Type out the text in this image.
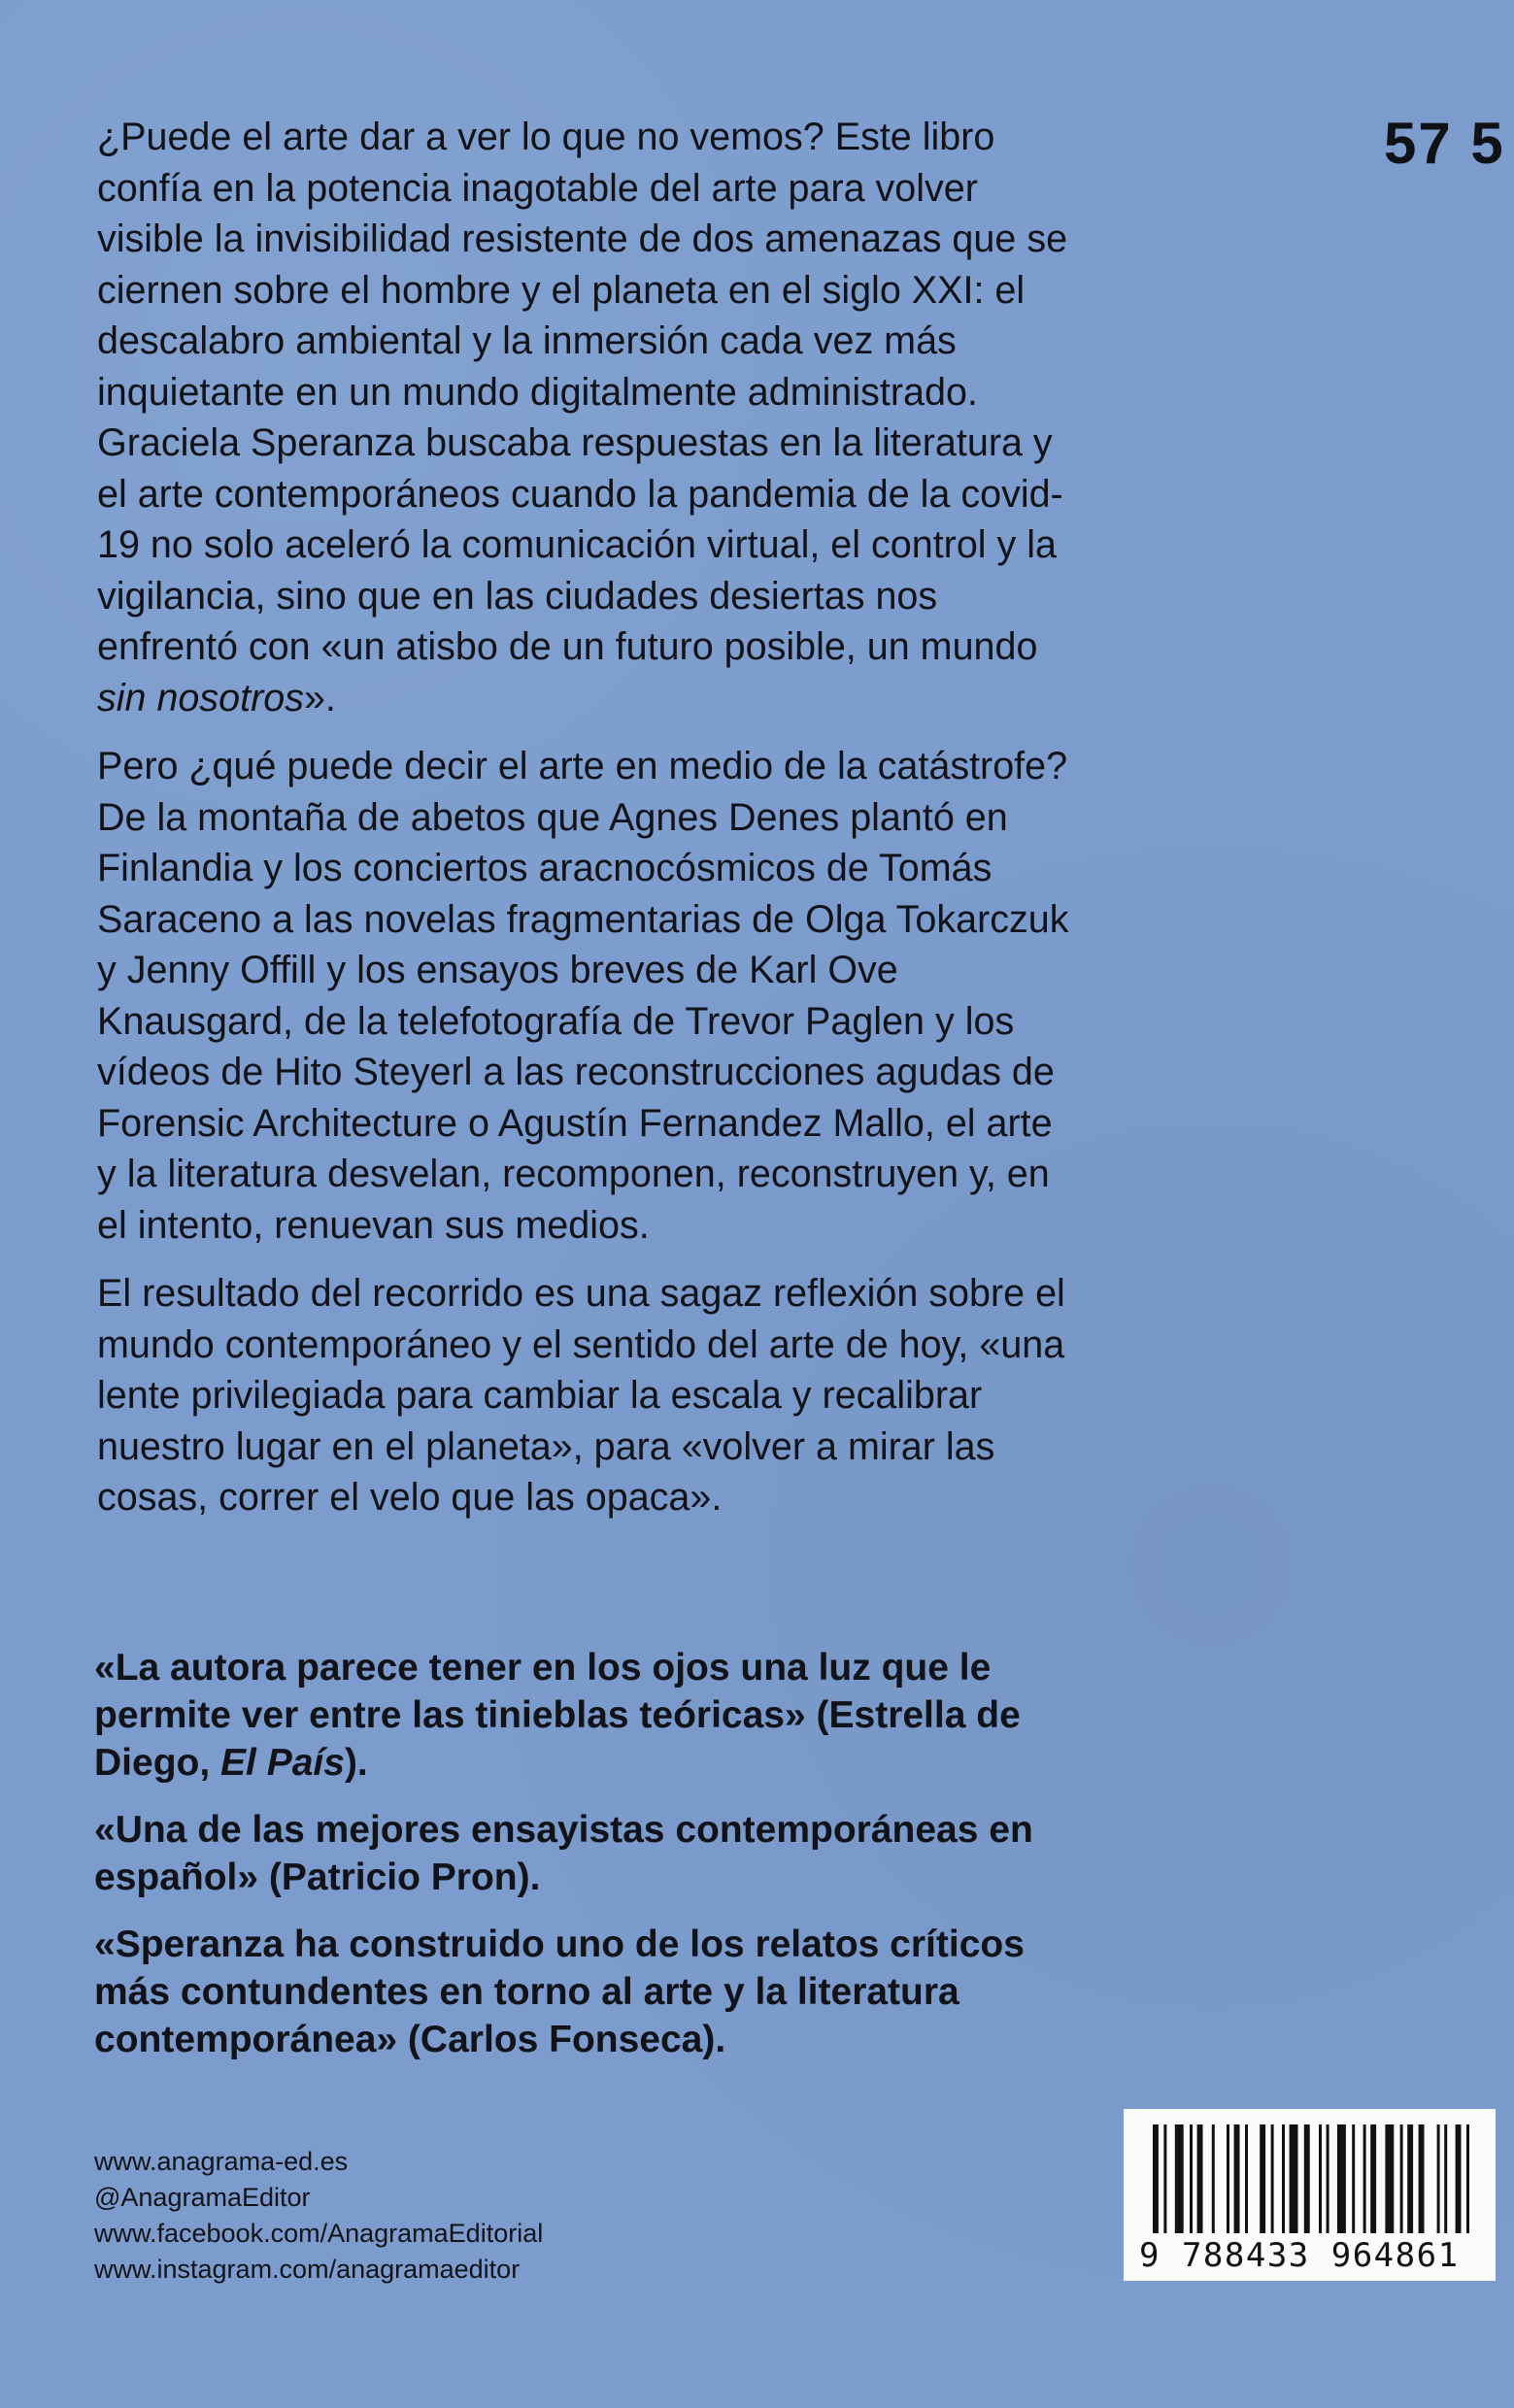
57 5

¿Puede el arte dar a ver lo que no vemos? Este libro confía en la potencia inagotable del arte para volver visible la invisibilidad resistente de dos amenazas que se ciernen sobre el hombre y el planeta en el siglo XXI: el descalabro ambiental y la inmersión cada vez más inquietante en un mundo digitalmente administrado. Graciela Speranza buscaba respuestas en la literatura y el arte contemporáneos cuando la pandemia de la covid-19 no solo aceleró la comunicación virtual, el control y la vigilancia, sino que en las ciudades desiertas nos enfrentó con «un atisbo de un futuro posible, un mundo sin nosotros».

Pero ¿qué puede decir el arte en medio de la catástrofe? De la montaña de abetos que Agnes Denes plantó en Finlandia y los conciertos aracnocósmicos de Tomás Saraceno a las novelas fragmentarias de Olga Tokarczuk y Jenny Offill y los ensayos breves de Karl Ove Knausgard, de la telefotografía de Trevor Paglen y los vídeos de Hito Steyerl a las reconstrucciones agudas de Forensic Architecture o Agustín Fernandez Mallo, el arte y la literatura desvelan, recomponen, reconstruyen y, en el intento, renuevan sus medios.

El resultado del recorrido es una sagaz reflexión sobre el mundo contemporáneo y el sentido del arte de hoy, «una lente privilegiada para cambiar la escala y recalibrar nuestro lugar en el planeta», para «volver a mirar las cosas, correr el velo que las opaca».

«La autora parece tener en los ojos una luz que le permite ver entre las tinieblas teóricas» (Estrella de Diego, El País).

«Una de las mejores ensayistas contemporáneas en español» (Patricio Pron).

«Speranza ha construido uno de los relatos críticos más contundentes en torno al arte y la literatura contemporánea» (Carlos Fonseca).

www.anagrama-ed.es
@AnagramaEditor
www.facebook.com/AnagramaEditorial
www.instagram.com/anagramaeditor	9 788433 964861
